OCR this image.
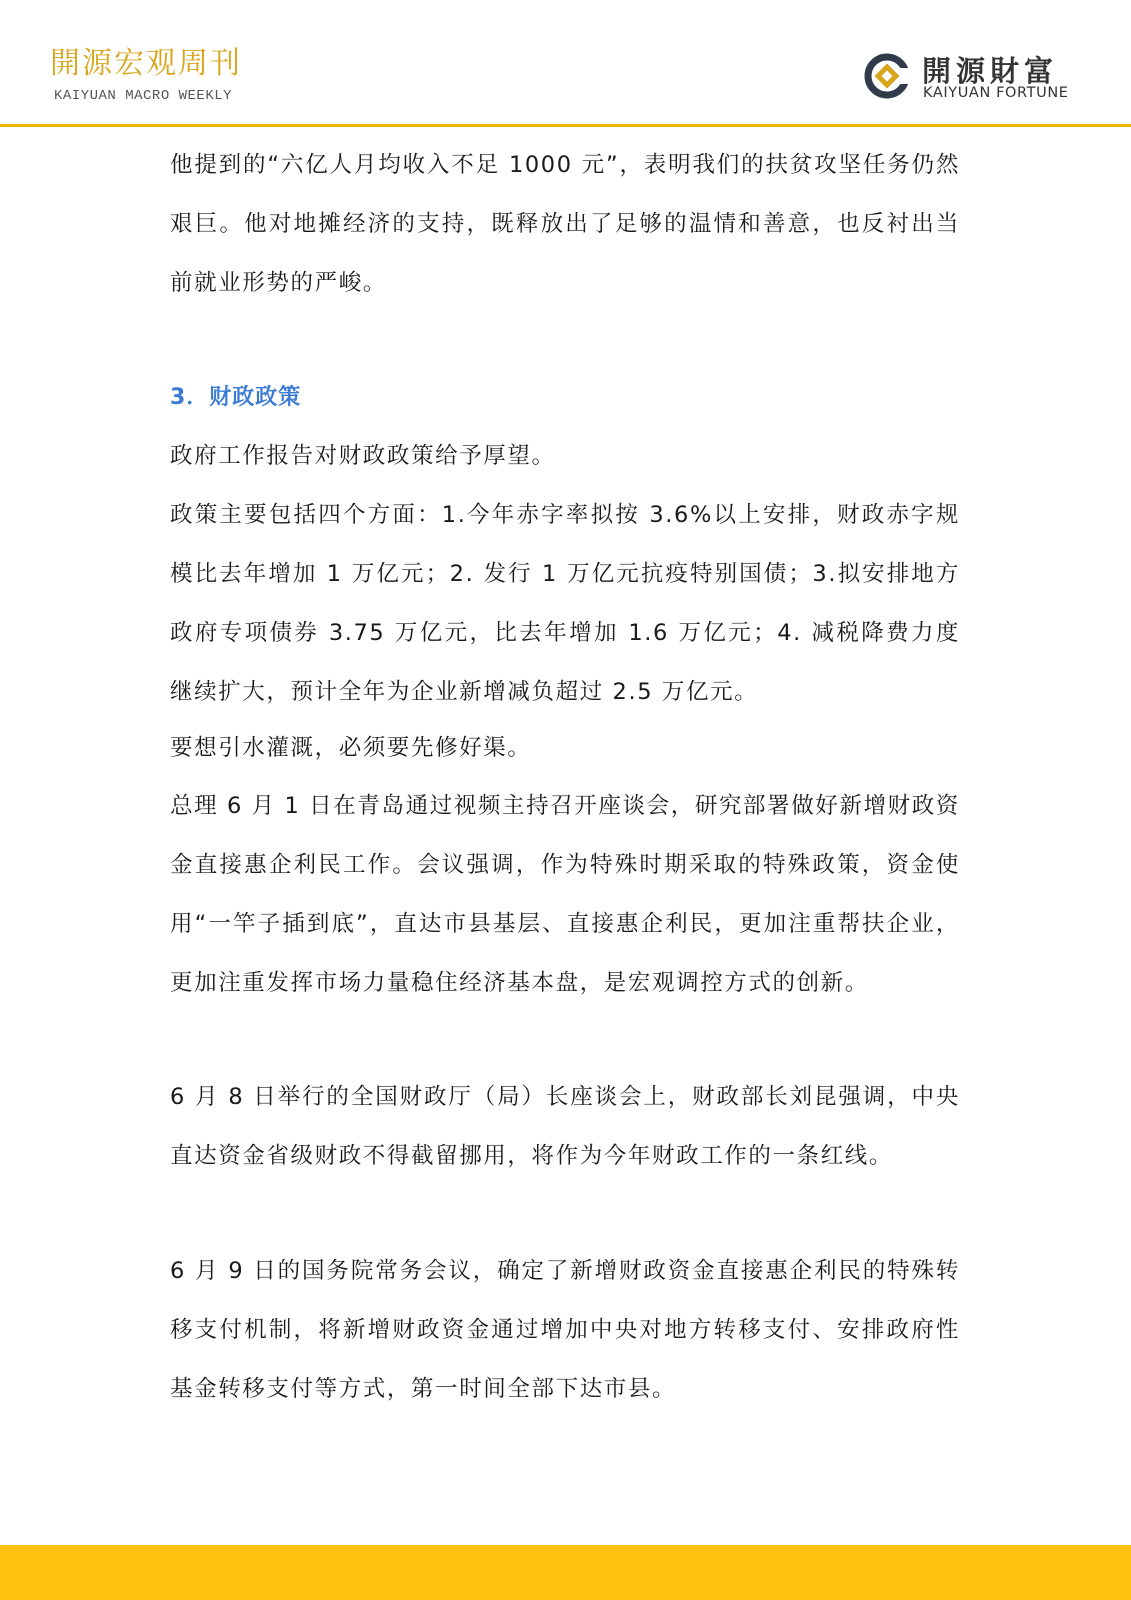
開源宏观周刊
KAIYUAN MACRO WEEKLY
開源財富
KAIYUAN FORTUNE

他提到的“六亿人月均收入不足 1000 元”，表明我们的扶贫攻坚任务仍然艰巨。他对地摊经济的支持，既释放出了足够的温情和善意，也反衬出当前就业形势的严峻。

3．财政政策

政府工作报告对财政政策给予厚望。

政策主要包括四个方面：1.今年赤字率拟按 3.6%以上安排，财政赤字规模比去年增加 1 万亿元；2. 发行 1 万亿元抗疫特别国债；3.拟安排地方政府专项债券 3.75 万亿元，比去年增加 1.6 万亿元；4. 减税降费力度继续扩大，预计全年为企业新增减负超过 2.5 万亿元。

要想引水灌溉，必须要先修好渠。

总理 6 月 1 日在青岛通过视频主持召开座谈会，研究部署做好新增财政资金直接惠企利民工作。会议强调，作为特殊时期采取的特殊政策，资金使用“一竿子插到底”，直达市县基层、直接惠企利民，更加注重帮扶企业，更加注重发挥市场力量稳住经济基本盘，是宏观调控方式的创新。

6 月 8 日举行的全国财政厅（局）长座谈会上，财政部长刘昆强调，中央直达资金省级财政不得截留挪用，将作为今年财政工作的一条红线。

6 月 9 日的国务院常务会议，确定了新增财政资金直接惠企利民的特殊转移支付机制，将新增财政资金通过增加中央对地方转移支付、安排政府性基金转移支付等方式，第一时间全部下达市县。
